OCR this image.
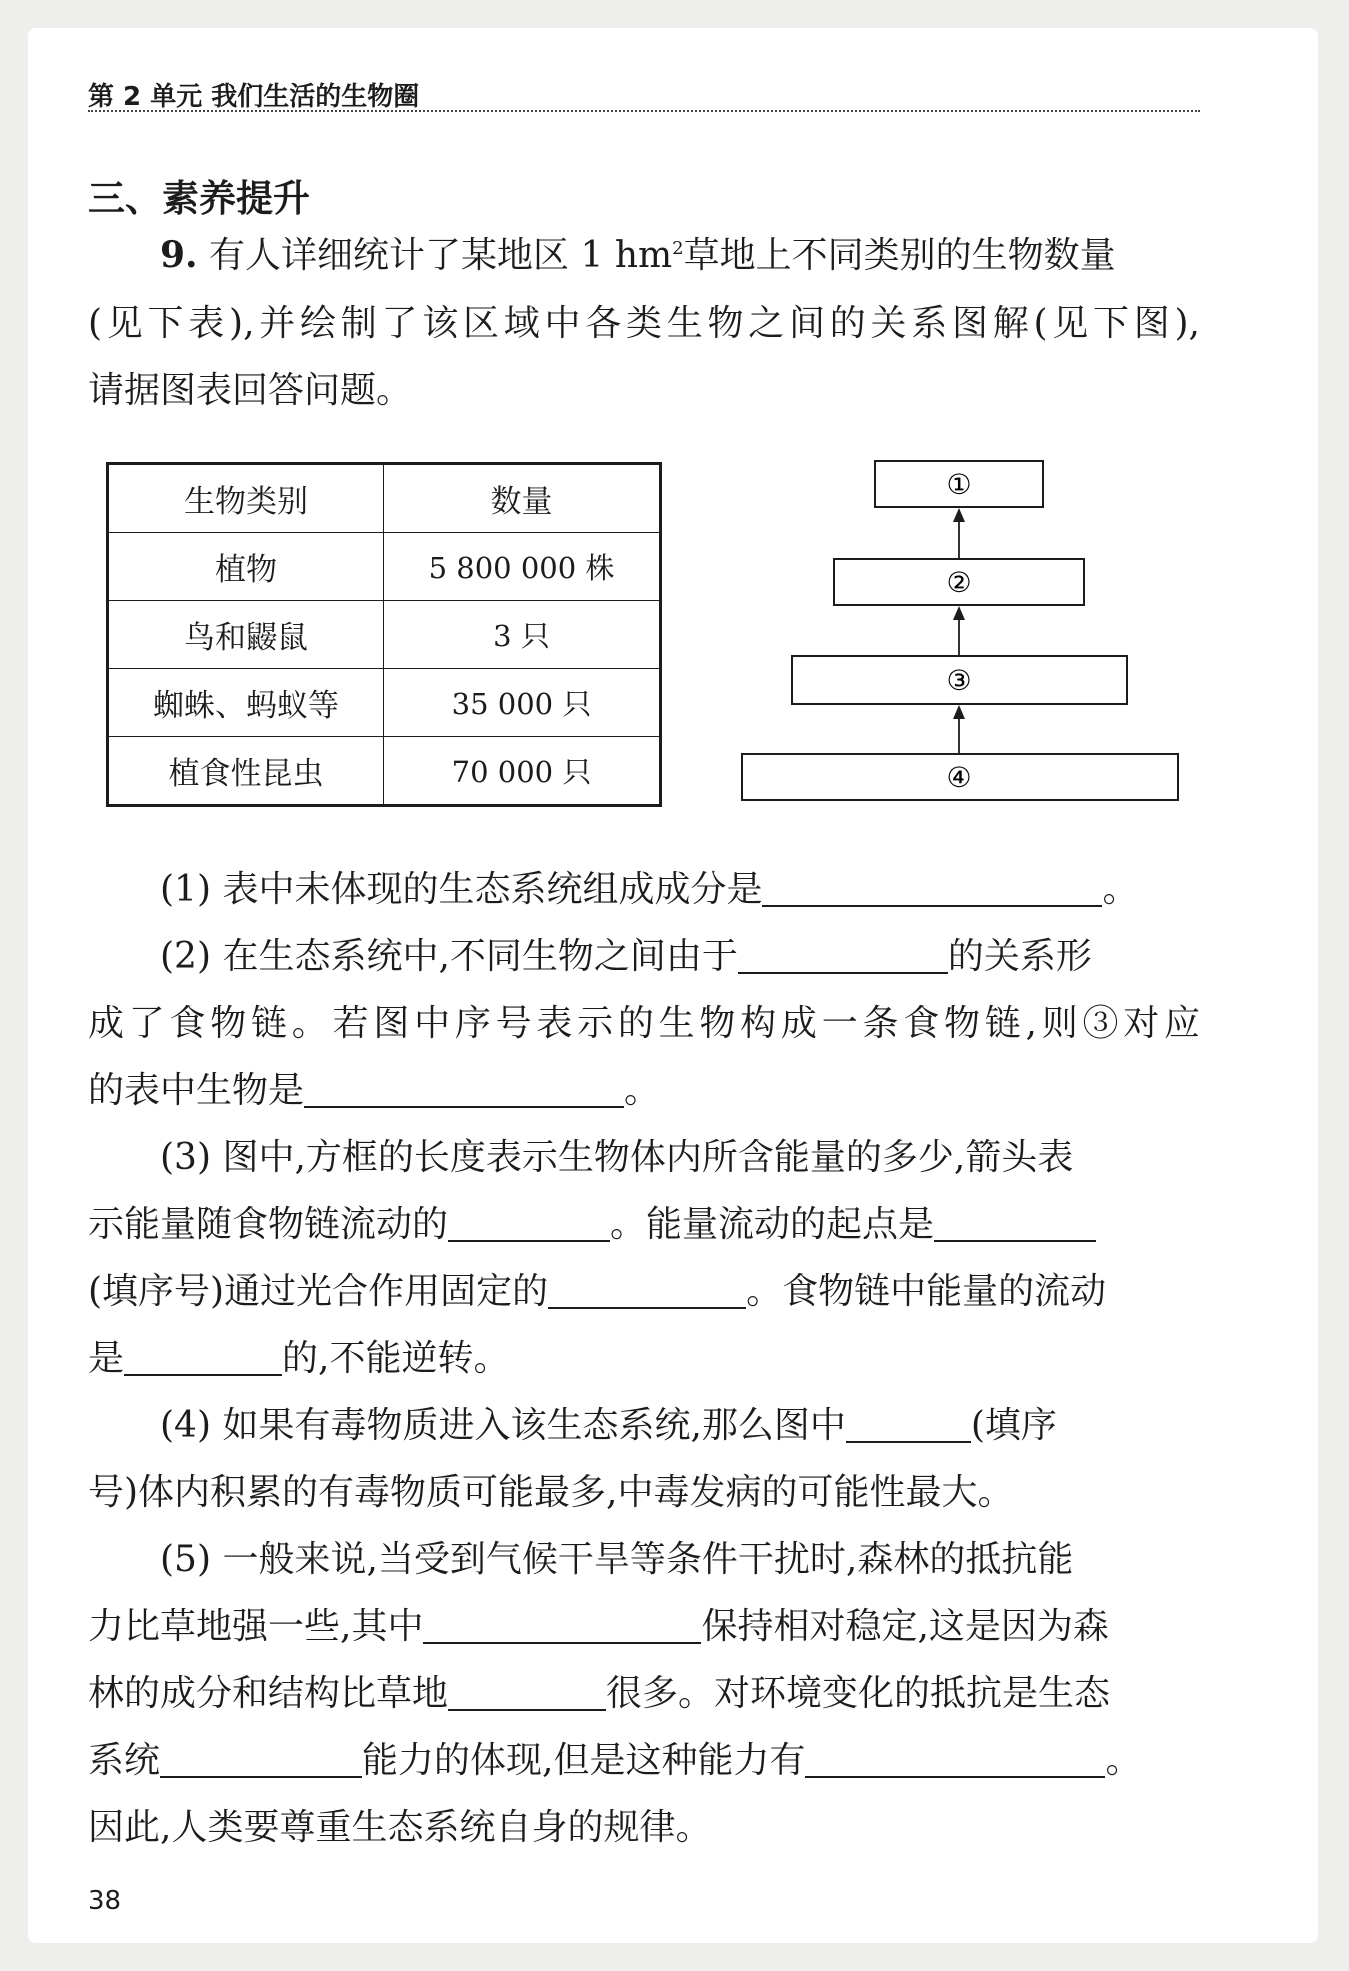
第 2 单元 我们生活的生物圈
三、素养提升
9. 有人详细统计了某地区 1 $hm^2$草地上不同类别的生物数量
(见下表),并绘制了该区域中各类生物之间的关系图解(见下图),
请据图表回答问题。
生物类别	数量
植物	5 800 000 株
鸟和鼹鼠	3 只
蜘蛛、蚂蚁等	35 000 只
植食性昆虫	70 000 只
①
②
③
④
(1) 表中未体现的生态系统组成成分是	。
(2) 在生态系统中,不同生物之间由于	的关系形
成了食物链。若图中序号表示的生物构成一条食物链,则③对应
的表中生物是	。
(3) 图中,方框的长度表示生物体内所含能量的多少,箭头表
示能量随食物链流动的	。能量流动的起点是
(填序号)通过光合作用固定的	。食物链中能量的流动
是	的,不能逆转。
(4) 如果有毒物质进入该生态系统,那么图中	(填序
号)体内积累的有毒物质可能最多,中毒发病的可能性最大。
(5) 一般来说,当受到气候干旱等条件干扰时,森林的抵抗能
力比草地强一些,其中	保持相对稳定,这是因为森
林的成分和结构比草地	很多。对环境变化的抵抗是生态
系统	能力的体现,但是这种能力有	。
因此,人类要尊重生态系统自身的规律。
38
